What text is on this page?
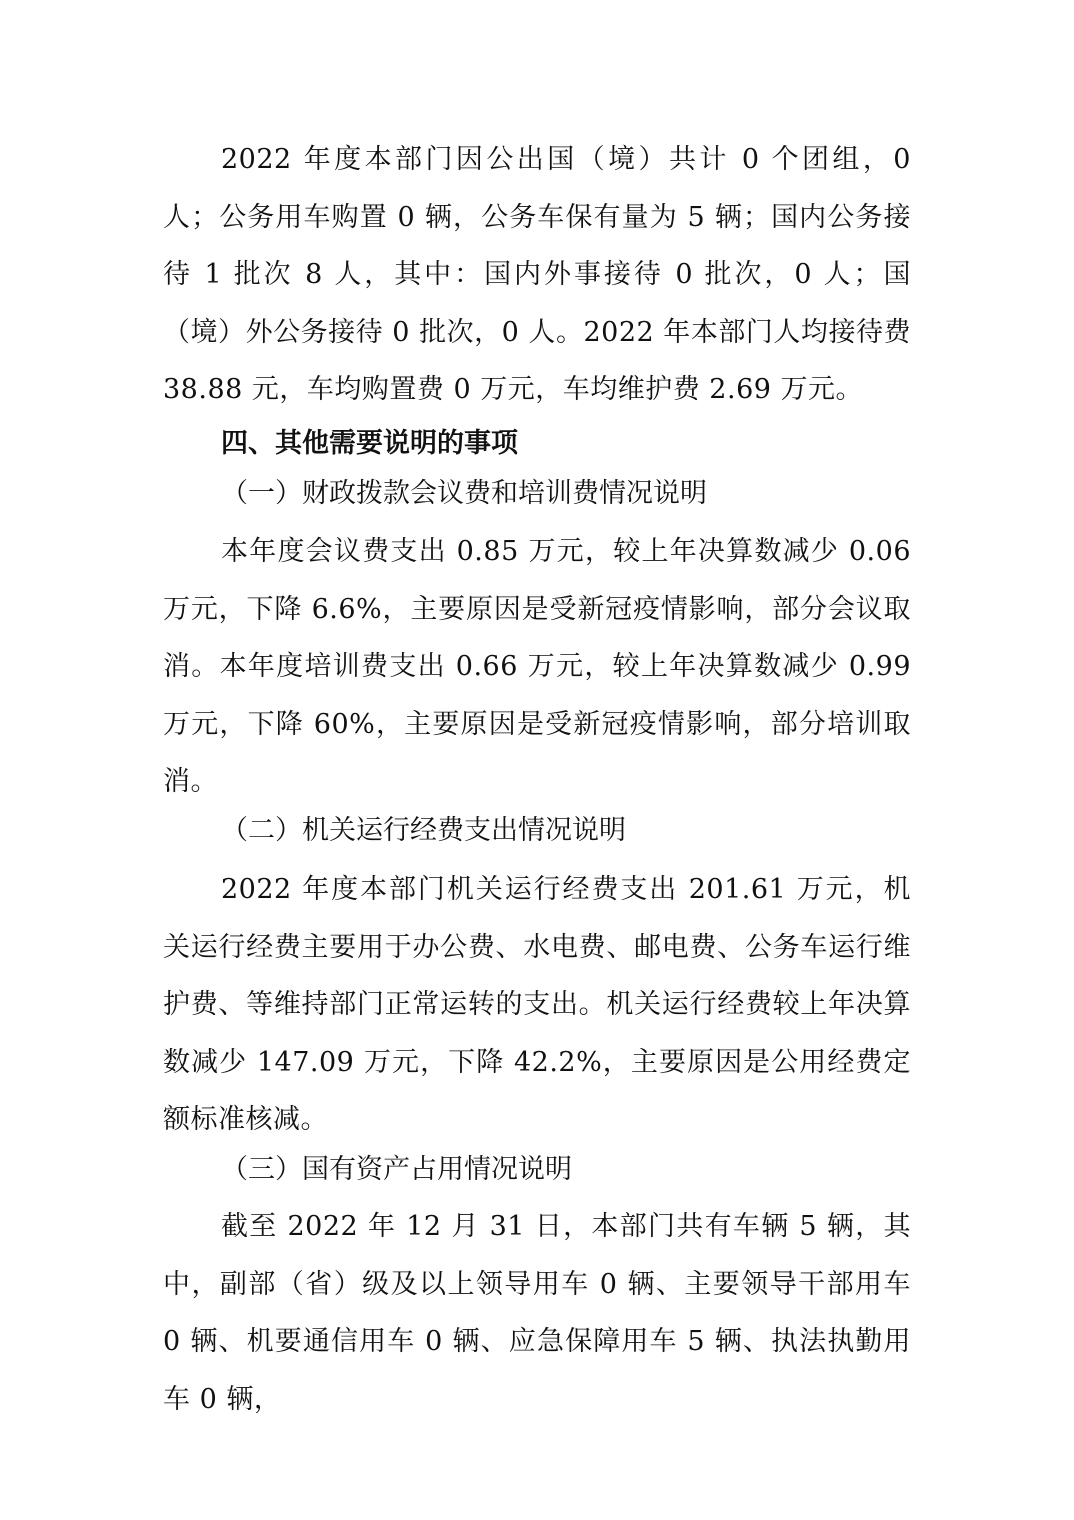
2022 年度本部门因公出国（境）共计 0 个团组，0 人；公务用车购置 0 辆，公务车保有量为 5 辆；国内公务接待 1 批次 8 人，其中：国内外事接待 0 批次，0 人；国（境）外公务接待 0 批次，0 人。2022 年本部门人均接待费 38.88 元，车均购置费 0 万元，车均维护费 2.69 万元。

四、其他需要说明的事项

（一）财政拨款会议费和培训费情况说明

本年度会议费支出 0.85 万元，较上年决算数减少 0.06 万元，下降 6.6%，主要原因是受新冠疫情影响，部分会议取消。本年度培训费支出 0.66 万元，较上年决算数减少 0.99 万元，下降 60%，主要原因是受新冠疫情影响，部分培训取消。

（二）机关运行经费支出情况说明

2022 年度本部门机关运行经费支出 201.61 万元，机关运行经费主要用于办公费、水电费、邮电费、公务车运行维护费、等维持部门正常运转的支出。机关运行经费较上年决算数减少 147.09 万元，下降 42.2%，主要原因是公用经费定额标准核减。

（三）国有资产占用情况说明

截至 2022 年 12 月 31 日，本部门共有车辆 5 辆，其中，副部（省）级及以上领导用车 0 辆、主要领导干部用车 0 辆、机要通信用车 0 辆、应急保障用车 5 辆、执法执勤用车 0 辆，
